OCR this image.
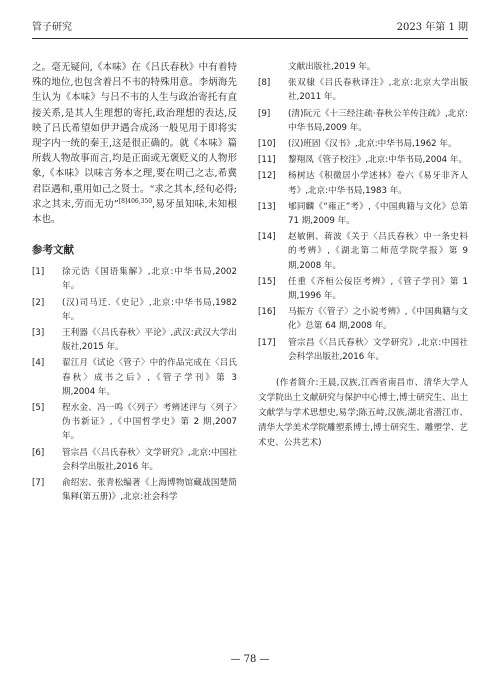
管子研究	2023 年第 1 期

之。毫无疑问,《本味》在《吕氏春秋》中有着特殊的地位,也包含着吕不韦的特殊用意。李炳海先生认为《本味》与吕不韦的人生与政治寄托有直接关系,是其人生理想的寄托,政治理想的表达,反映了吕氏希望如伊尹遇合成汤一般见用于即将实现字内一统的秦王,这是很正确的。就《本味》篇所载人物故事而言,均是正面或无褒贬义的人物形象,《本味》以味言务本之理,要在明己之志,希冀君臣遇和,重用如己之贤士。“求之其本,经旬必得;求之其末,劳而无功”$^{[8]406,350}$,易牙虽知味,未知根本也。

参考文献
[1]	徐元诰《国语集解》,北京:中华书局,2002 年。
[2]	(汉)司马迁.《史记》,北京:中华书局,1982 年。
[3]	王利器《〈吕氏春秋〉平论》,武汉:武汉大学出版社,2015 年。
[4]	翟江月《试论〈管子〉中的作品完成在〈吕氏春秋〉成书之后》,《管子学刊》第 3 期,2004 年。
[5]	程水金、冯一鸣《〈列子〉考辨述评与〈列子〉伪书新证》,《中国哲学史》第 2 期,2007 年。
[6]	管宗昌《〈吕氏春秋〉文学研究》,北京:中国社会科学出版社,2016 年。
[7]	俞绍宏、张青松编著《上海博物馆藏战国楚简集释(第五册)》,北京:社会科学
文献出版社,2019 年。
[8]	张双棣《吕氏春秋译注》,北京:北京大学出版社,2011 年。
[9]	(清)阮元《十三经注疏·春秋公羊传注疏》,北京:中华书局,2009 年。
[10]	(汉)班固《汉书》,北京:中华书局,1962 年。
[11]	黎翔凤《管子校注》,北京:中华书局,2004 年。
[12]	杨树达《积微居小学述林》卷六《易牙非齐人考》,北京:中华书局,1983 年。
[13]	郇同麟《“雍正”考》,《中国典籍与文化》总第 71 期,2009 年。
[14]	赵敏俐、蒋波《关于〈吕氏春秋〉中一条史料的考辨》,《湖北第二师范学院学报》第 9 期,2008 年。
[15]	任重《齐桓公佞臣考辨》,《管子学刊》第 1 期,1996 年。
[16]	马振方《〈管子〉之小说考辨》,《中国典籍与文化》总第 64 期,2008 年。
[17]	管宗昌《〈吕氏春秋〉文学研究》,北京:中国社会科学出版社,2016 年。
(作者简介:王晨,汉族,江西省南昌市、清华大学人文学院出土文献研究与保护中心博士,博士研究生、出土文献学与学术思想史,易学;陈五峙,汉族,湖北省潜江市、清华大学美术学院雕塑系博士,博士研究生、雕塑学、艺术史、公共艺术)
— 78 —
